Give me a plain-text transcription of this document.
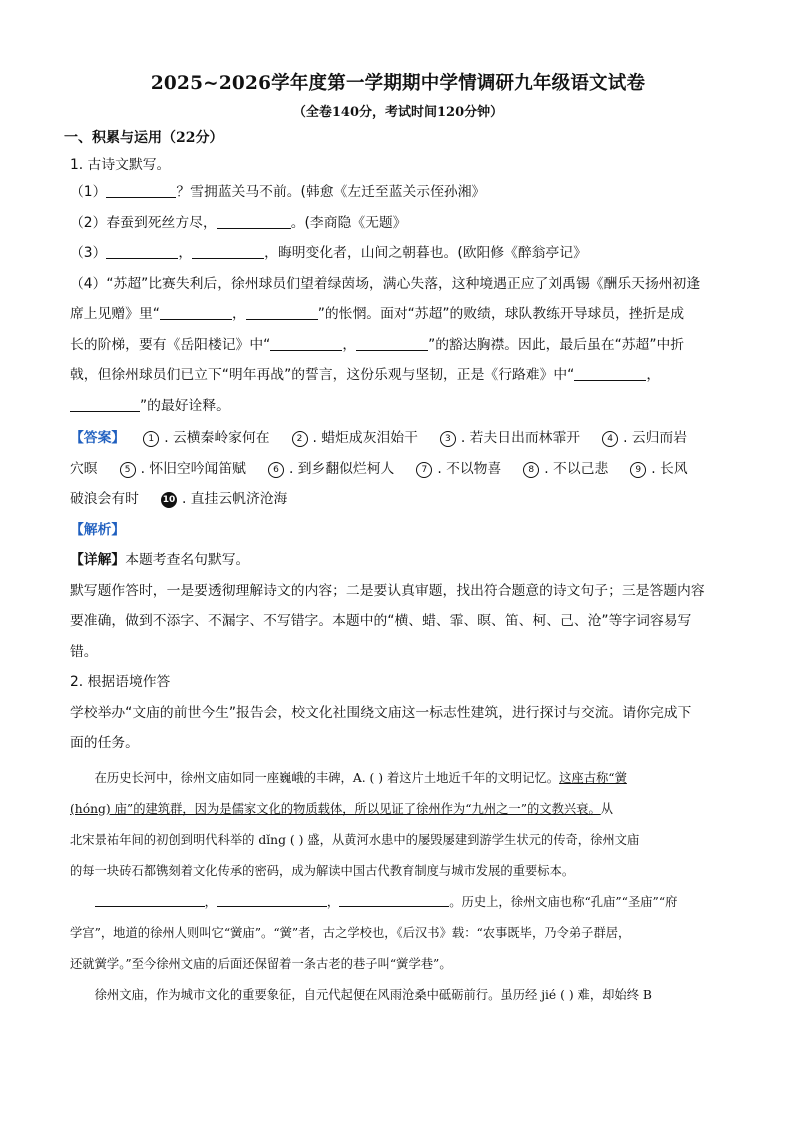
2025~2026学年度第一学期期中学情调研九年级语文试卷
（全卷140分，考试时间120分钟）
一、积累与运用（22分）

1. 古诗文默写。

（1）	？雪拥蓝关马不前。(韩愈《左迁至蓝关示侄孙湘》

（2）春蚕到死丝方尽，	。(李商隐《无题》

（3）	，	，晦明变化者，山间之朝暮也。(欧阳修《醉翁亭记》

（4）“苏超”比赛失利后，徐州球员们望着绿茵场，满心失落，这种境遇正应了刘禹锡《酬乐天扬州初逢

席上见赠》里“	，	”的怅惘。面对“苏超”的败绩，球队教练开导球员，挫折是成

长的阶梯，要有《岳阳楼记》中“	，	”的豁达胸襟。因此，最后虽在“苏超”中折

戟，但徐州球员们已立下“明年再战”的誓言，这份乐观与坚韧，正是《行路难》中“	，

”的最好诠释。

【答案】	1 . 云横秦岭家何在	2 . 蜡炬成灰泪始干	3 . 若夫日出而林霏开	4 . 云归而岩

穴暝	5 . 怀旧空吟闻笛赋	6 . 到乡翻似烂柯人	7 . 不以物喜	8 . 不以己悲	9 . 长风

破浪会有时	10 . 直挂云帆济沧海

【解析】

【详解】本题考查名句默写。

默写题作答时，一是要透彻理解诗文的内容；二是要认真审题，找出符合题意的诗文句子；三是答题内容

要准确，做到不添字、不漏字、不写错字。本题中的“横、蜡、霏、暝、笛、柯、己、沧”等字词容易写

错。

2. 根据语境作答

学校举办“文庙的前世今生”报告会，校文化社围绕文庙这一标志性建筑，进行探讨与交流。请你完成下

面的任务。

在历史长河中，徐州文庙如同一座巍峨的丰碑，A. ( ) 着这片土地近千年的文明记忆。这座古称“黉

(hóng) 庙”的建筑群，因为是儒家文化的物质载体，所以见证了徐州作为“九州之一”的文教兴衰。从

北宋景祐年间的初创到明代科举的 dǐng ( ) 盛，从黄河水患中的屡毁屡建到游学生状元的传奇，徐州文庙

的每一块砖石都镌刻着文化传承的密码，成为解读中国古代教育制度与城市发展的重要标本。

，	，	。历史上，徐州文庙也称“孔庙”“圣庙”“府

学宫”，地道的徐州人则叫它“黉庙”。“黉”者，古之学校也，《后汉书》载：“农事既毕，乃令弟子群居，

还就黉学。”至今徐州文庙的后面还保留着一条古老的巷子叫“黉学巷”。

徐州文庙，作为城市文化的重要象征，自元代起便在风雨沧桑中砥砺前行。虽历经 jié ( ) 难，却始终 B
